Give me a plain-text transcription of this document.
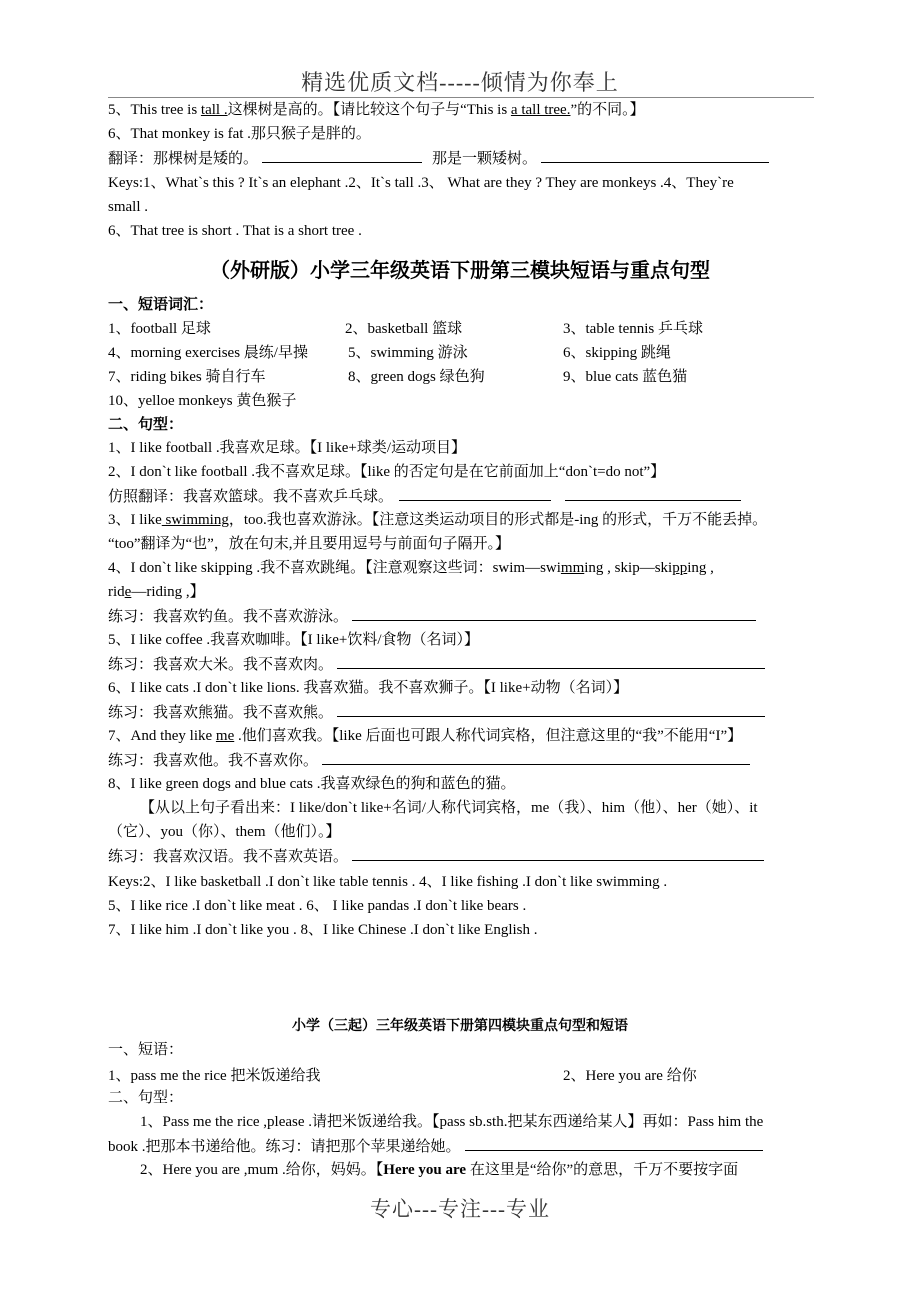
精选优质文档-----倾情为你奉上
5、This tree is tall .这棵树是高的。【请比较这个句子与“This is a tall tree.”的不同。】
6、That monkey is fat .那只猴子是胖的。
翻译：那棵树是矮的。	那是一颗矮树。
Keys:1、What`s this ? It`s an elephant .2、It`s tall .3、 What are they ? They are monkeys .4、They`re
small .
6、That tree is short . That is a short tree .
（外研版）小学三年级英语下册第三模块短语与重点句型
一、短语词汇：
1、football 足球	2、basketball 篮球	3、table tennis 乒乓球
4、morning exercises 晨练/早操	5、swimming 游泳	6、skipping 跳绳
7、riding bikes 骑自行车	8、green dogs 绿色狗	9、blue cats 蓝色猫
10、yelloe monkeys 黄色猴子
二、句型：
1、I like football .我喜欢足球。【I like+球类/运动项目】
2、I don`t like football .我不喜欢足球。【like 的否定句是在它前面加上“don`t=do not”】
仿照翻译：我喜欢篮球。我不喜欢乒乓球。
3、I like swimming，too.我也喜欢游泳。【注意这类运动项目的形式都是-ing 的形式，千万不能丢掉。
“too”翻译为“也”，放在句末,并且要用逗号与前面句子隔开。】
4、I don`t like skipping .我不喜欢跳绳。【注意观察这些词：swim—swimming , skip—skipping ,
ride—riding ,】
练习：我喜欢钓鱼。我不喜欢游泳。
5、I like coffee .我喜欢咖啡。【I like+饮料/食物（名词）】
练习：我喜欢大米。我不喜欢肉。
6、I like cats .I don`t like lions. 我喜欢猫。我不喜欢狮子。【I like+动物（名词）】
练习：我喜欢熊猫。我不喜欢熊。
7、And they like me .他们喜欢我。【like 后面也可跟人称代词宾格，但注意这里的“我”不能用“I”】
练习：我喜欢他。我不喜欢你。
8、I like green dogs and blue cats .我喜欢绿色的狗和蓝色的猫。
【从以上句子看出来：I like/don`t like+名词/人称代词宾格，me（我）、him（他）、her（她）、it
（它）、you（你）、them（他们）。】
练习：我喜欢汉语。我不喜欢英语。
Keys:2、I like basketball .I don`t like table tennis . 4、I like fishing .I don`t like swimming .
5、I like rice .I don`t like meat . 6、 I like pandas .I don`t like bears .
7、I like him .I don`t like you . 8、I like Chinese .I don`t like English .
小学（三起）三年级英语下册第四模块重点句型和短语
一、短语：
1、pass me the rice 把米饭递给我	2、Here you are 给你
二、句型：
1、Pass me the rice ,please .请把米饭递给我。【pass sb.sth.把某东西递给某人】再如：Pass him the
book .把那本书递给他。练习：请把那个苹果递给她。
2、Here you are ,mum .给你，妈妈。【Here you are 在这里是“给你”的意思，千万不要按字面
专心---专注---专业
